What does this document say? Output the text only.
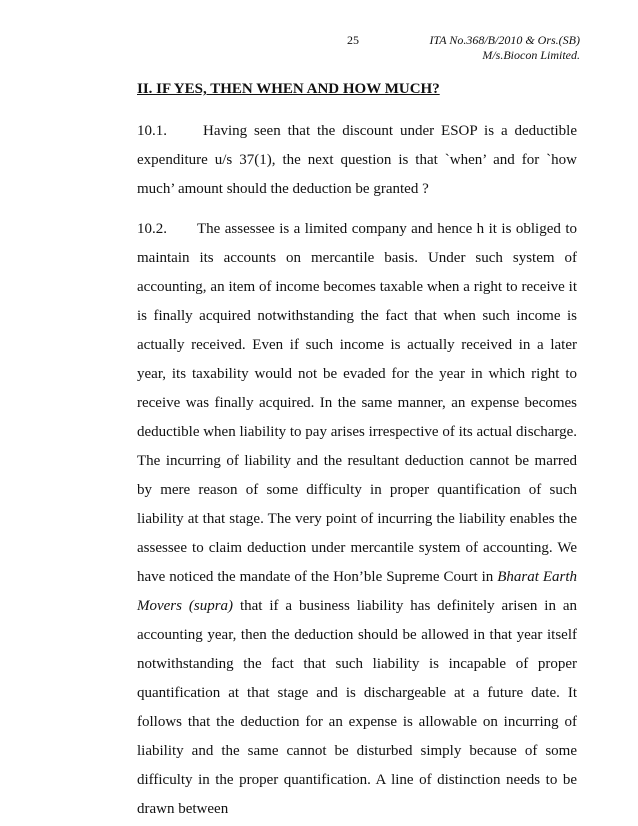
25	ITA No.368/B/2010 & Ors.(SB)
M/s.Biocon Limited.
II. IF YES, THEN WHEN AND HOW MUCH?
10.1. Having seen that the discount under ESOP is a deductible expenditure u/s 37(1), the next question is that `when’ and for `how much’ amount should the deduction be granted ?
10.2. The assessee is a limited company and hence h it is obliged to maintain its accounts on mercantile basis. Under such system of accounting, an item of income becomes taxable when a right to receive it is finally acquired notwithstanding the fact that when such income is actually received. Even if such income is actually received in a later year, its taxability would not be evaded for the year in which right to receive was finally acquired. In the same manner, an expense becomes deductible when liability to pay arises irrespective of its actual discharge. The incurring of liability and the resultant deduction cannot be marred by mere reason of some difficulty in proper quantification of such liability at that stage. The very point of incurring the liability enables the assessee to claim deduction under mercantile system of accounting. We have noticed the mandate of the Hon’ble Supreme Court in Bharat Earth Movers (supra) that if a business liability has definitely arisen in an accounting year, then the deduction should be allowed in that year itself notwithstanding the fact that such liability is incapable of proper quantification at that stage and is dischargeable at a future date. It follows that the deduction for an expense is allowable on incurring of liability and the same cannot be disturbed simply because of some difficulty in the proper quantification. A line of distinction needs to be drawn between
